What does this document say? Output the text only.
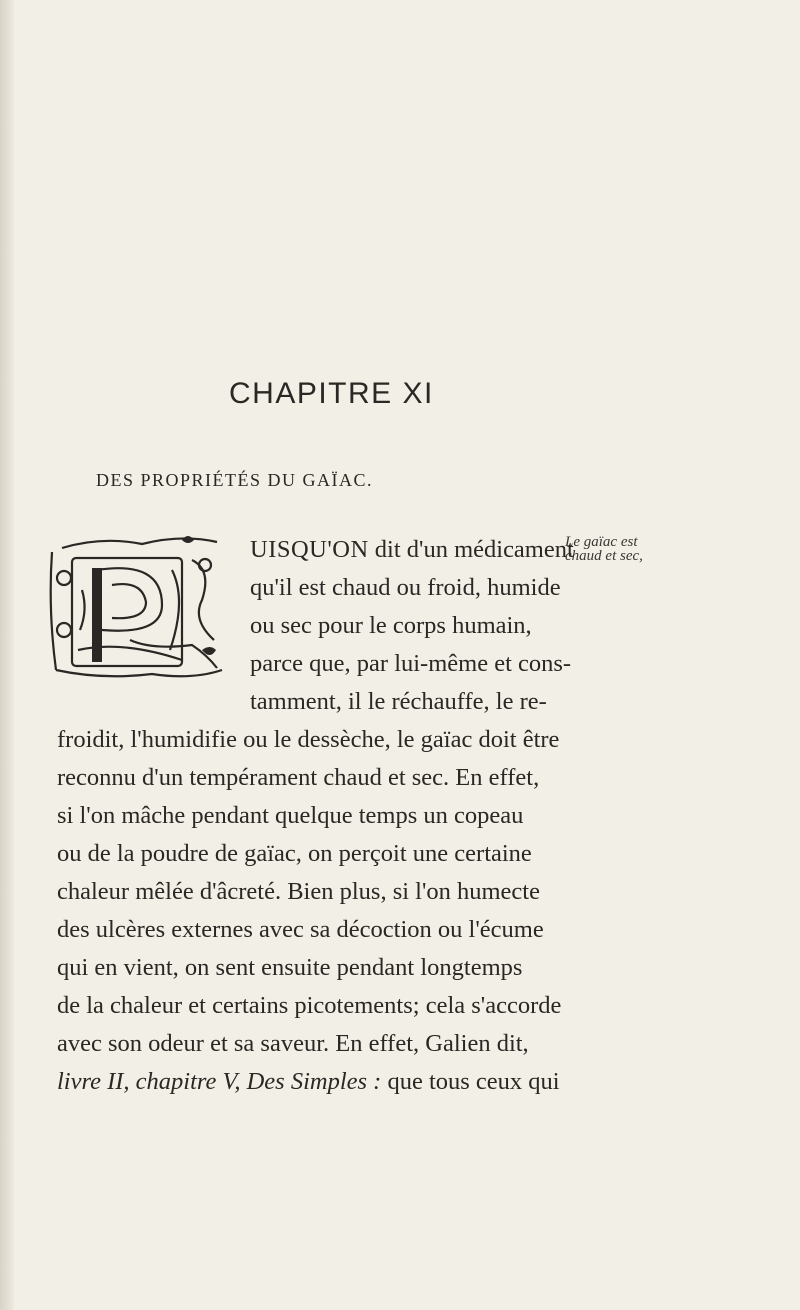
CHAPITRE XI
DES PROPRIÉTÉS DU GAÏAC.
Le gaïac est
chaud et sec,

UISQU'ON dit d'un médicament

qu'il est chaud ou froid, humide

ou sec pour le corps humain,

parce que, par lui-même et cons-

tamment, il le réchauffe, le re-

froidit, l'humidifie ou le dessèche, le gaïac doit être

reconnu d'un tempérament chaud et sec. En effet,

si l'on mâche pendant quelque temps un copeau

ou de la poudre de gaïac, on perçoit une certaine

chaleur mêlée d'âcreté. Bien plus, si l'on humecte

des ulcères externes avec sa décoction ou l'écume

qui en vient, on sent ensuite pendant longtemps

de la chaleur et certains picotements; cela s'accorde

avec son odeur et sa saveur. En effet, Galien dit,

livre II, chapitre V, Des Simples : que tous ceux qui
